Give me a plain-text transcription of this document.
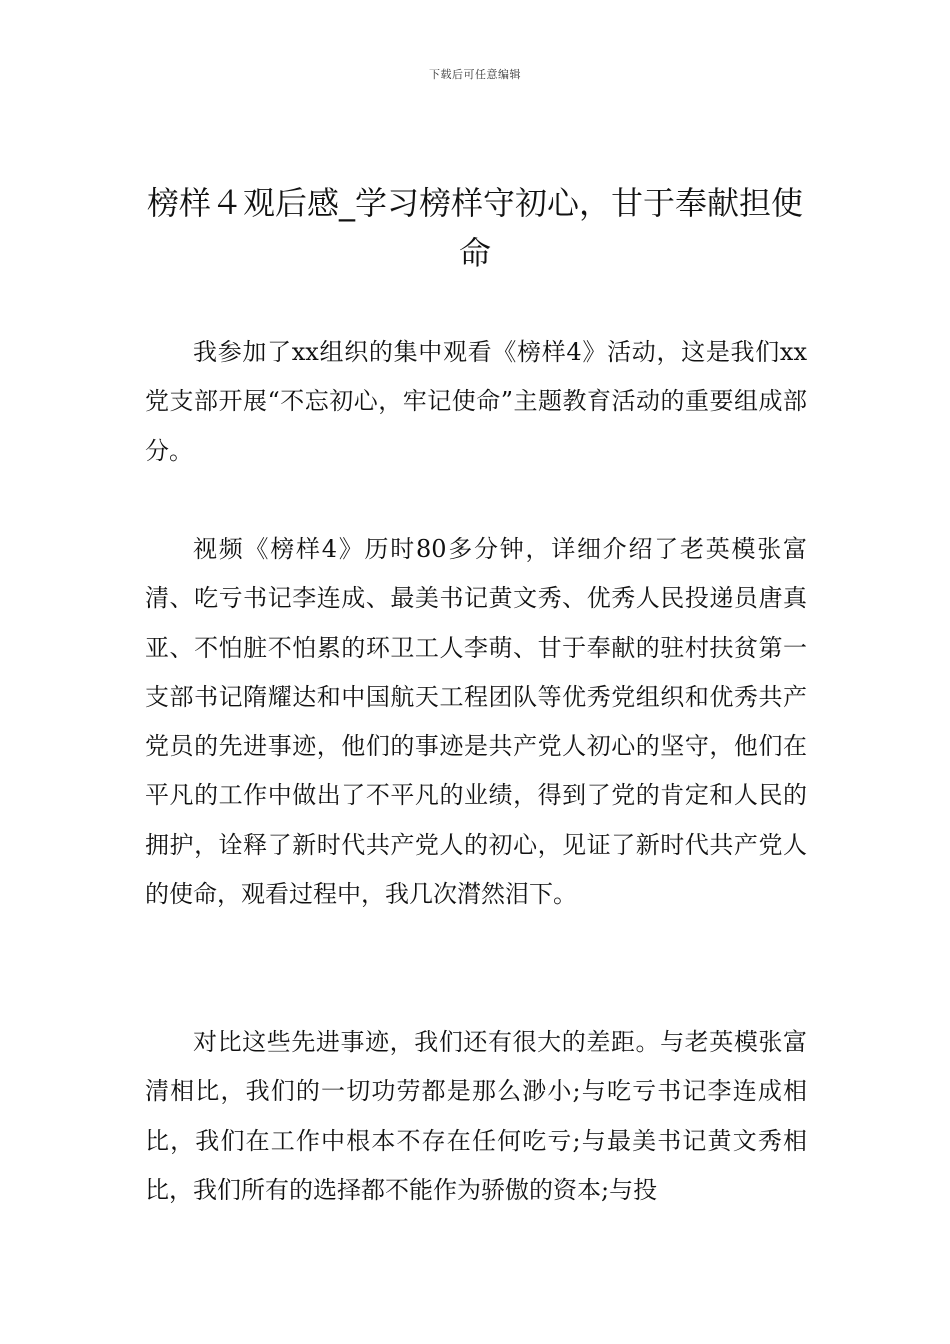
下载后可任意编辑
榜样４观后感_学习榜样守初心，甘于奉献担使命

我参加了xx组织的集中观看《榜样4》活动，这是我们xx党支部开展“不忘初心，牢记使命”主题教育活动的重要组成部分。

视频《榜样4》历时80多分钟，详细介绍了老英模张富清、吃亏书记李连成、最美书记黄文秀、优秀人民投递员唐真亚、不怕脏不怕累的环卫工人李萌、甘于奉献的驻村扶贫第一支部书记隋耀达和中国航天工程团队等优秀党组织和优秀共产党员的先进事迹，他们的事迹是共产党人初心的坚守，他们在平凡的工作中做出了不平凡的业绩，得到了党的肯定和人民的拥护，诠释了新时代共产党人的初心，见证了新时代共产党人的使命，观看过程中，我几次潸然泪下。

对比这些先进事迹，我们还有很大的差距。与老英模张富清相比，我们的一切功劳都是那么渺小;与吃亏书记李连成相比，我们在工作中根本不存在任何吃亏;与最美书记黄文秀相比，我们所有的选择都不能作为骄傲的资本;与投
